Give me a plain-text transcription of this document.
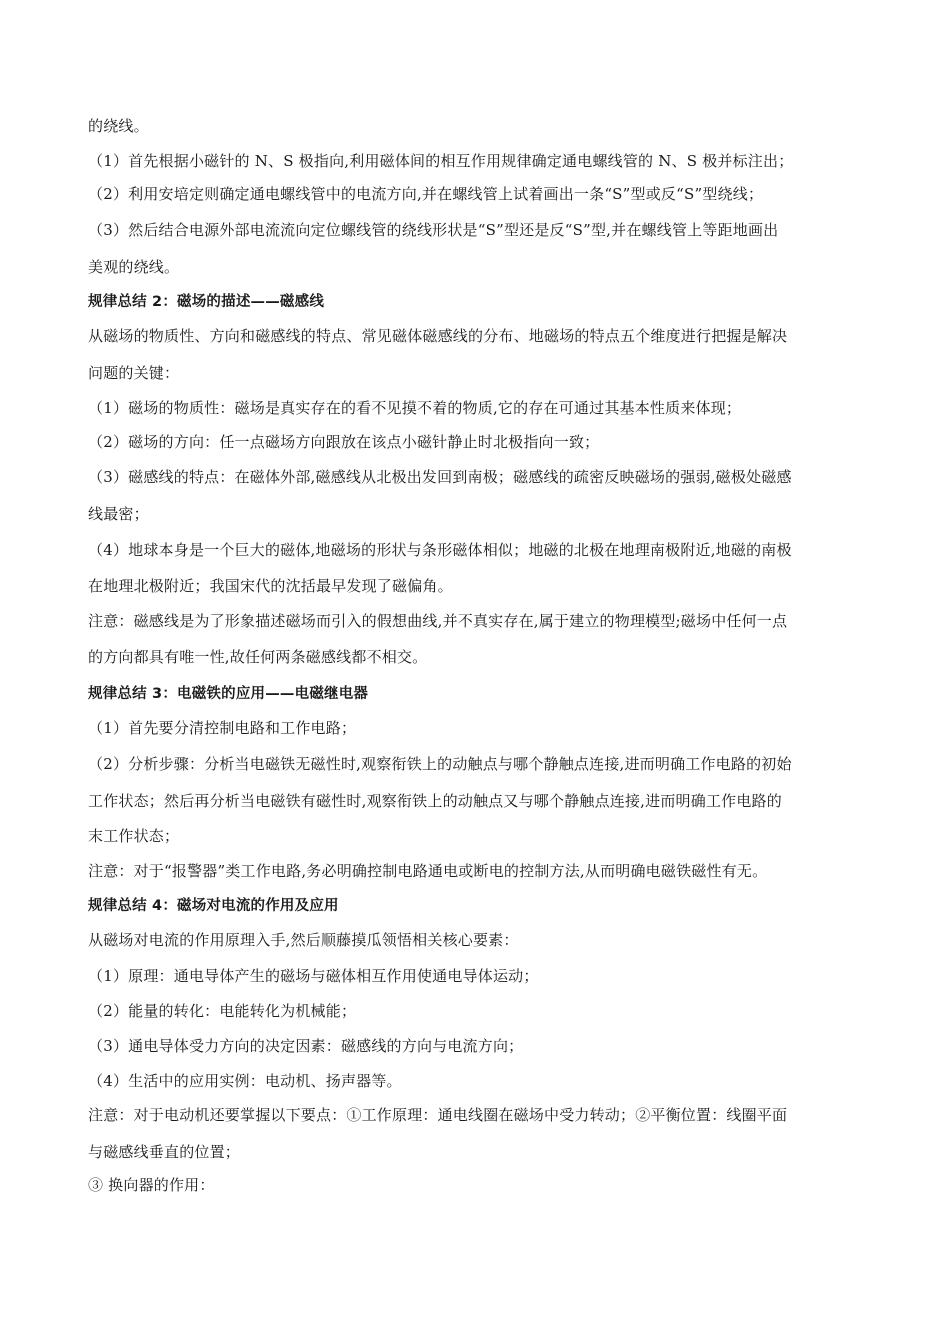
的绕线。
（1）首先根据小磁针的 N、S 极指向,利用磁体间的相互作用规律确定通电螺线管的 N、S 极并标注出；
（2）利用安培定则确定通电螺线管中的电流方向,并在螺线管上试着画出一条“S”型或反“S”型绕线；
（3）然后结合电源外部电流流向定位螺线管的绕线形状是“S”型还是反“S”型,并在螺线管上等距地画出
美观的绕线。
规律总结 2：磁场的描述——磁感线
从磁场的物质性、方向和磁感线的特点、常见磁体磁感线的分布、地磁场的特点五个维度进行把握是解决
问题的关键：
（1）磁场的物质性：磁场是真实存在的看不见摸不着的物质,它的存在可通过其基本性质来体现；
（2）磁场的方向：任一点磁场方向跟放在该点小磁针静止时北极指向一致；
（3）磁感线的特点：在磁体外部,磁感线从北极出发回到南极；磁感线的疏密反映磁场的强弱,磁极处磁感
线最密；
（4）地球本身是一个巨大的磁体,地磁场的形状与条形磁体相似；地磁的北极在地理南极附近,地磁的南极
在地理北极附近；我国宋代的沈括最早发现了磁偏角。
注意：磁感线是为了形象描述磁场而引入的假想曲线,并不真实存在,属于建立的物理模型;磁场中任何一点
的方向都具有唯一性,故任何两条磁感线都不相交。
规律总结 3：电磁铁的应用——电磁继电器
（1）首先要分清控制电路和工作电路；
（2）分析步骤：分析当电磁铁无磁性时,观察衔铁上的动触点与哪个静触点连接,进而明确工作电路的初始
工作状态；然后再分析当电磁铁有磁性时,观察衔铁上的动触点又与哪个静触点连接,进而明确工作电路的
末工作状态；
注意：对于“报警器”类工作电路,务必明确控制电路通电或断电的控制方法,从而明确电磁铁磁性有无。
规律总结 4：磁场对电流的作用及应用
从磁场对电流的作用原理入手,然后顺藤摸瓜领悟相关核心要素：
（1）原理：通电导体产生的磁场与磁体相互作用使通电导体运动；
（2）能量的转化：电能转化为机械能；
（3）通电导体受力方向的决定因素：磁感线的方向与电流方向；
（4）生活中的应用实例：电动机、扬声器等。
注意：对于电动机还要掌握以下要点：①工作原理：通电线圈在磁场中受力转动；②平衡位置：线圈平面
与磁感线垂直的位置；
③ 换向器的作用：
